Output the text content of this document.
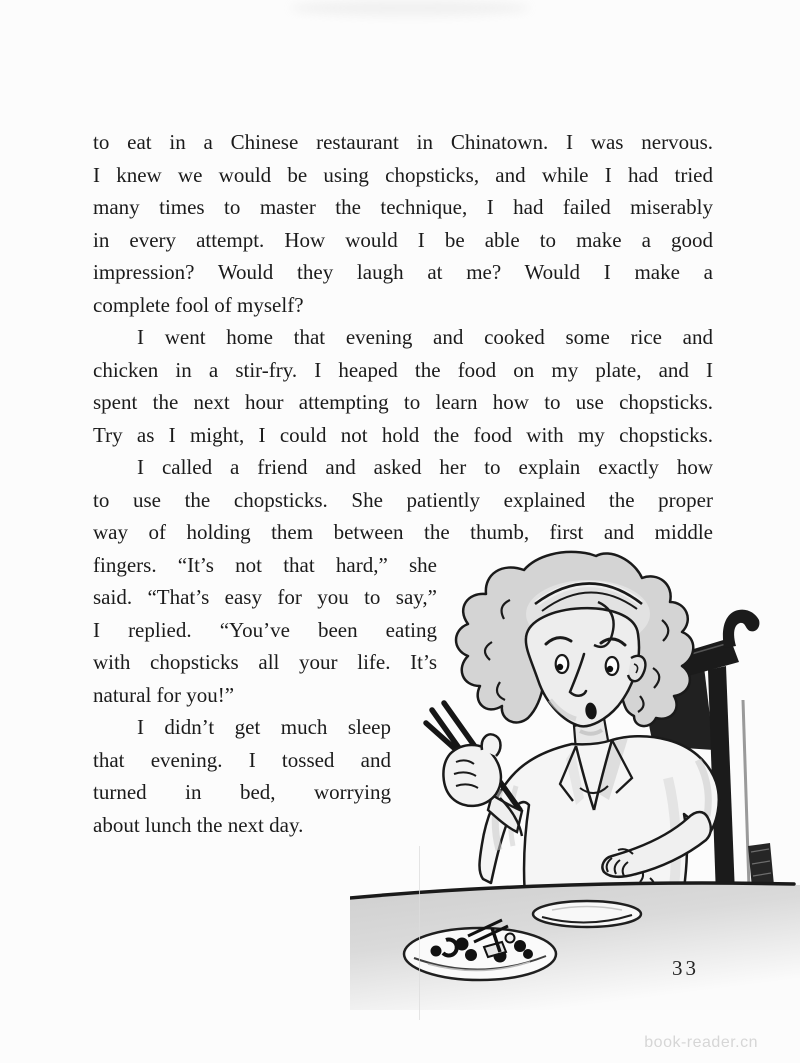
to eat in a Chinese restaurant in Chinatown. I was nervous.
I knew we would be using chopsticks, and while I had tried
many times to master the technique, I had failed miserably
in every attempt. How would I be able to make a good
impression? Would they laugh at me? Would I make a
complete fool of myself?
I went home that evening and cooked some rice and
chicken in a stir-fry. I heaped the food on my plate, and I
spent the next hour attempting to learn how to use chopsticks.
Try as I might, I could not hold the food with my chopsticks.
I called a friend and asked her to explain exactly how
to use the chopsticks. She patiently explained the proper
way of holding them between the thumb, first and middle
fingers. “It’s not that hard,” she
said. “That’s easy for you to say,”
I replied. “You’ve been eating
with chopsticks all your life. It’s
natural for you!”
I didn’t get much sleep
that evening. I tossed and
turned in bed, worrying
about lunch the next day.
33
book-reader.cn
